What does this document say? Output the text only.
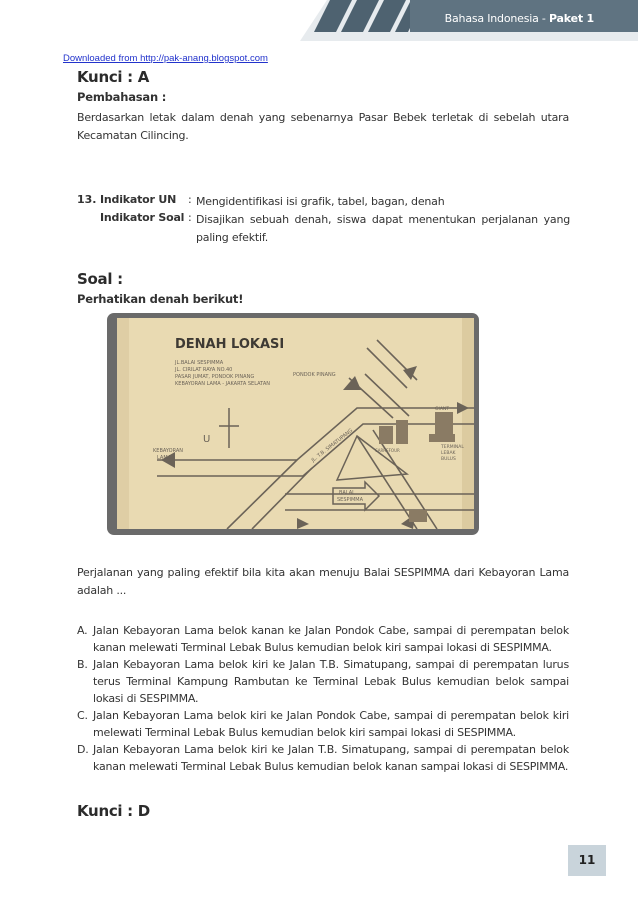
Bahasa Indonesia - Paket 1
Downloaded from http://pak-anang.blogspot.com
Kunci : A
Pembahasan :
Berdasarkan letak dalam denah yang sebenarnya Pasar Bebek terletak di sebelah utara Kecamatan Cilincing.
13. Indikator UN : Mengidentifikasi isi grafik, tabel, bagan, denah
Indikator Soal : Disajikan sebuah denah, siswa dapat menentukan perjalanan yang paling efektif.
Soal :
Perhatikan denah berikut!
U
DENAH LOKASI
JL.BALAI SESPIMMA
JL. CIRILAT RAYA NO.40
PASAR JUMAT, PONDOK PINANG
KEBAYORAN LAMA - JAKARTA SELATAN
PONDOK PINANG
KEBAYORAN
LAMA	JL. T.B. SIMATUPANG
BALAI
SESPIMMA
TERMINAL
LEBAK
BULUS
GIANT
CARREFOUR
Perjalanan yang paling efektif bila kita akan menuju Balai SESPIMMA dari Kebayoran Lama adalah ...
A. Jalan Kebayoran Lama belok kanan ke Jalan Pondok Cabe, sampai di perempatan belok kanan melewati Terminal Lebak Bulus kemudian belok kiri sampai lokasi di SESPIMMA.
B. Jalan Kebayoran Lama belok kiri ke Jalan T.B. Simatupang, sampai di perempatan lurus terus Terminal Kampung Rambutan ke Terminal Lebak Bulus kemudian belok sampai lokasi di SESPIMMA.
C. Jalan Kebayoran Lama belok kiri ke Jalan Pondok Cabe, sampai di perempatan belok kiri melewati Terminal Lebak Bulus kemudian belok kiri sampai lokasi di SESPIMMA.
D. Jalan Kebayoran Lama belok kiri ke Jalan T.B. Simatupang, sampai di perempatan belok kanan melewati Terminal Lebak Bulus kemudian belok kanan sampai lokasi di SESPIMMA.
Kunci : D
11
